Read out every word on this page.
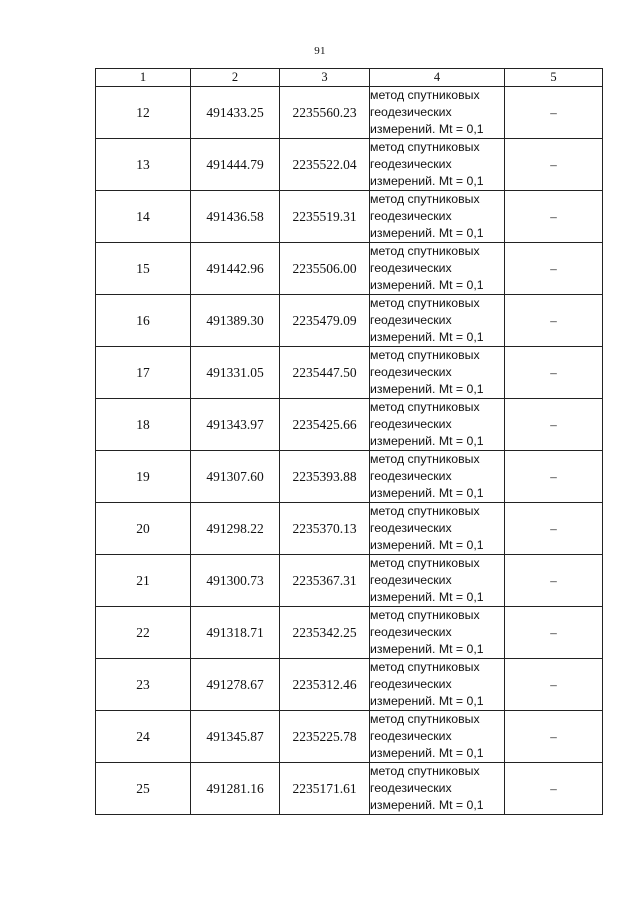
91
1	2	3	4	5
12	491433.25	2235560.23	метод спутниковых
геодезических
измерений. Mt = 0,1	–
13	491444.79	2235522.04	метод спутниковых
геодезических
измерений. Mt = 0,1	–
14	491436.58	2235519.31	метод спутниковых
геодезических
измерений. Mt = 0,1	–
15	491442.96	2235506.00	метод спутниковых
геодезических
измерений. Mt = 0,1	–
16	491389.30	2235479.09	метод спутниковых
геодезических
измерений. Mt = 0,1	–
17	491331.05	2235447.50	метод спутниковых
геодезических
измерений. Mt = 0,1	–
18	491343.97	2235425.66	метод спутниковых
геодезических
измерений. Mt = 0,1	–
19	491307.60	2235393.88	метод спутниковых
геодезических
измерений. Mt = 0,1	–
20	491298.22	2235370.13	метод спутниковых
геодезических
измерений. Mt = 0,1	–
21	491300.73	2235367.31	метод спутниковых
геодезических
измерений. Mt = 0,1	–
22	491318.71	2235342.25	метод спутниковых
геодезических
измерений. Mt = 0,1	–
23	491278.67	2235312.46	метод спутниковых
геодезических
измерений. Mt = 0,1	–
24	491345.87	2235225.78	метод спутниковых
геодезических
измерений. Mt = 0,1	–
25	491281.16	2235171.61	метод спутниковых
геодезических
измерений. Mt = 0,1	–
